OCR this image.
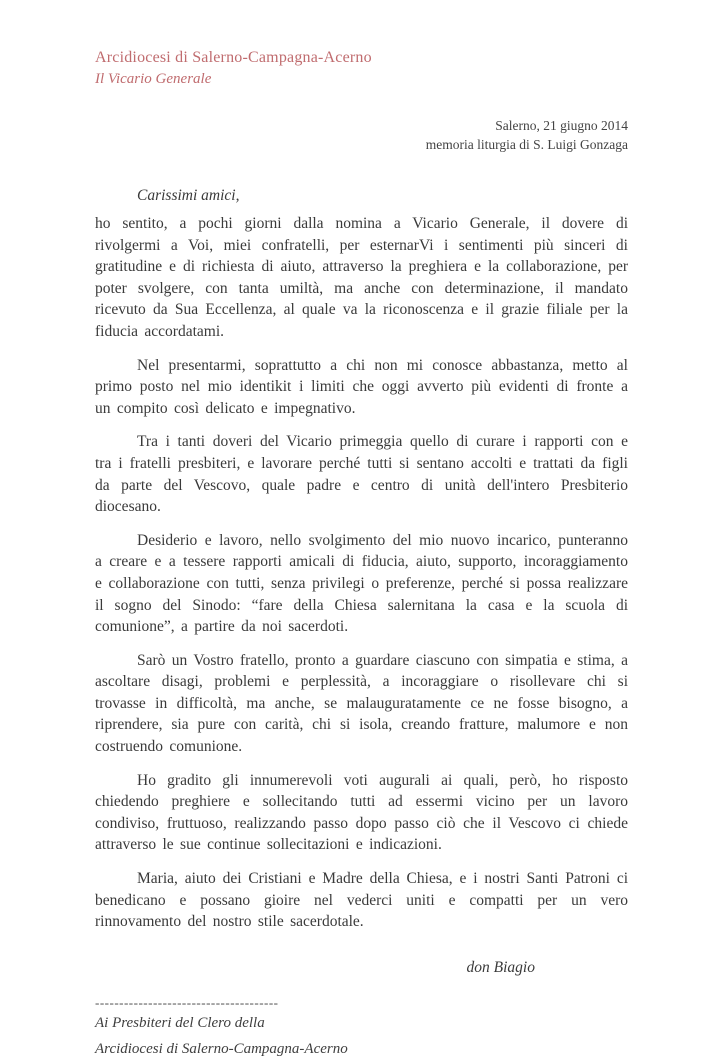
Arcidiocesi di Salerno-Campagna-Acerno
Il Vicario Generale
Salerno, 21 giugno 2014
memoria liturgia di S. Luigi Gonzaga
Carissimi amici,

ho sentito, a pochi giorni dalla nomina a Vicario Generale, il dovere di rivolgermi a Voi, miei confratelli, per esternarVi i sentimenti più sinceri di gratitudine e di richiesta di aiuto, attraverso la preghiera e la collaborazione, per poter svolgere, con tanta umiltà, ma anche con determinazione, il mandato ricevuto da Sua Eccellenza, al quale va la riconoscenza e il grazie filiale per la fiducia accordatami.

Nel presentarmi, soprattutto a chi non mi conosce abbastanza, metto al primo posto nel mio identikit i limiti che oggi avverto più evidenti di fronte a un compito così delicato e impegnativo.

Tra i tanti doveri del Vicario primeggia quello di curare i rapporti con e tra i fratelli presbiteri, e lavorare perché tutti si sentano accolti e trattati da figli da parte del Vescovo, quale padre e centro di unità dell'intero Presbiterio diocesano.

Desiderio e lavoro, nello svolgimento del mio nuovo incarico, punteranno a creare e a tessere rapporti amicali di fiducia, aiuto, supporto, incoraggiamento e collaborazione con tutti, senza privilegi o preferenze, perché si possa realizzare il sogno del Sinodo: “fare della Chiesa salernitana la casa e la scuola di comunione”, a partire da noi sacerdoti.

Sarò un Vostro fratello, pronto a guardare ciascuno con simpatia e stima, a ascoltare disagi, problemi e perplessità, a incoraggiare o risollevare chi si trovasse in difficoltà, ma anche, se malauguratamente ce ne fosse bisogno, a riprendere, sia pure con carità, chi si isola, creando fratture, malumore e non costruendo comunione.

Ho gradito gli innumerevoli voti augurali ai quali, però, ho risposto chiedendo preghiere e sollecitando tutti ad essermi vicino per un lavoro condiviso, fruttuoso, realizzando passo dopo passo ciò che il Vescovo ci chiede attraverso le sue continue sollecitazioni e indicazioni.

Maria, aiuto dei Cristiani e Madre della Chiesa, e i nostri Santi Patroni ci benedicano e possano gioire nel vederci uniti e compatti per un vero rinnovamento del nostro stile sacerdotale.

don Biagio
--------------------------------------
Ai Presbiteri del Clero della
Arcidiocesi di Salerno-Campagna-Acerno
